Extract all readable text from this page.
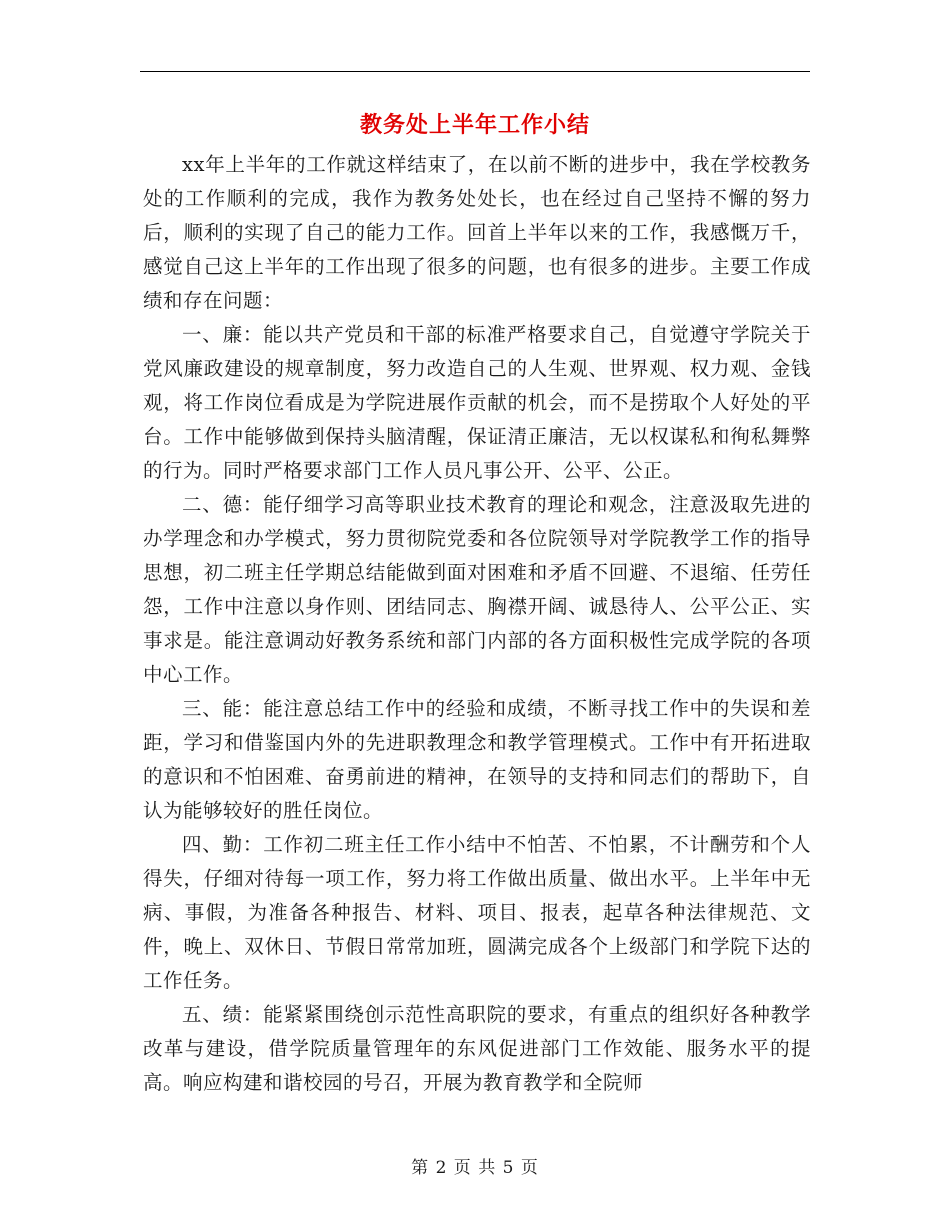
教务处上半年工作小结

xx年上半年的工作就这样结束了，在以前不断的进步中，我在学校教务处的工作顺利的完成，我作为教务处处长，也在经过自己坚持不懈的努力后，顺利的实现了自己的能力工作。回首上半年以来的工作，我感慨万千，感觉自己这上半年的工作出现了很多的问题，也有很多的进步。主要工作成绩和存在问题：

一、廉：能以共产党员和干部的标准严格要求自己，自觉遵守学院关于党风廉政建设的规章制度，努力改造自己的人生观、世界观、权力观、金钱观，将工作岗位看成是为学院进展作贡献的机会，而不是捞取个人好处的平台。工作中能够做到保持头脑清醒，保证清正廉洁，无以权谋私和徇私舞弊的行为。同时严格要求部门工作人员凡事公开、公平、公正。

二、德：能仔细学习高等职业技术教育的理论和观念，注意汲取先进的办学理念和办学模式，努力贯彻院党委和各位院领导对学院教学工作的指导思想，初二班主任学期总结能做到面对困难和矛盾不回避、不退缩、任劳任怨，工作中注意以身作则、团结同志、胸襟开阔、诚恳待人、公平公正、实事求是。能注意调动好教务系统和部门内部的各方面积极性完成学院的各项中心工作。

三、能：能注意总结工作中的经验和成绩，不断寻找工作中的失误和差距，学习和借鉴国内外的先进职教理念和教学管理模式。工作中有开拓进取的意识和不怕困难、奋勇前进的精神，在领导的支持和同志们的帮助下，自认为能够较好的胜任岗位。

四、勤：工作初二班主任工作小结中不怕苦、不怕累，不计酬劳和个人得失，仔细对待每一项工作，努力将工作做出质量、做出水平。上半年中无病、事假，为准备各种报告、材料、项目、报表，起草各种法律规范、文件，晚上、双休日、节假日常常加班，圆满完成各个上级部门和学院下达的工作任务。

五、绩：能紧紧围绕创示范性高职院的要求，有重点的组织好各种教学改革与建设，借学院质量管理年的东风促进部门工作效能、服务水平的提高。响应构建和谐校园的号召，开展为教育教学和全院师

第 2 页 共 5 页
